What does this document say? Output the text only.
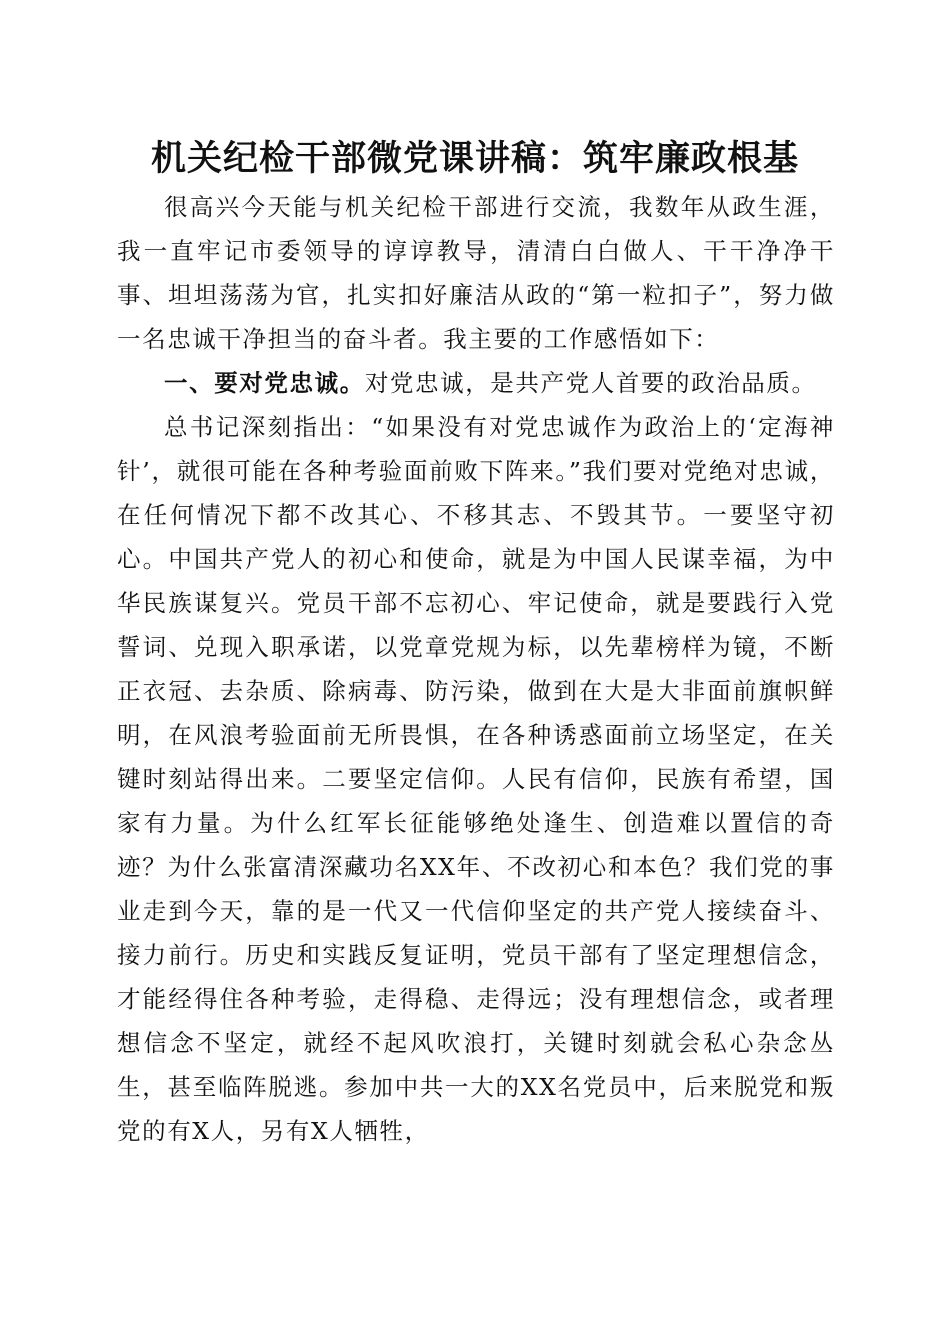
机关纪检干部微党课讲稿：筑牢廉政根基

很高兴今天能与机关纪检干部进行交流，我数年从政生涯，我一直牢记市委领导的谆谆教导，清清白白做人、干干净净干事、坦坦荡荡为官，扎实扣好廉洁从政的“第一粒扣子”，努力做一名忠诚干净担当的奋斗者。我主要的工作感悟如下：

一、要对党忠诚。对党忠诚，是共产党人首要的政治品质。

总书记深刻指出：“如果没有对党忠诚作为政治上的‘定海神针’，就很可能在各种考验面前败下阵来。”我们要对党绝对忠诚，在任何情况下都不改其心、不移其志、不毁其节。一要坚守初心。中国共产党人的初心和使命，就是为中国人民谋幸福，为中华民族谋复兴。党员干部不忘初心、牢记使命，就是要践行入党誓词、兑现入职承诺，以党章党规为标，以先辈榜样为镜，不断正衣冠、去杂质、除病毒、防污染，做到在大是大非面前旗帜鲜明，在风浪考验面前无所畏惧，在各种诱惑面前立场坚定，在关键时刻站得出来。二要坚定信仰。人民有信仰，民族有希望，国家有力量。为什么红军长征能够绝处逢生、创造难以置信的奇迹？为什么张富清深藏功名XX年、不改初心和本色？我们党的事业走到今天，靠的是一代又一代信仰坚定的共产党人接续奋斗、接力前行。历史和实践反复证明，党员干部有了坚定理想信念，才能经得住各种考验，走得稳、走得远；没有理想信念，或者理想信念不坚定，就经不起风吹浪打，关键时刻就会私心杂念丛生，甚至临阵脱逃。参加中共一大的XX名党员中，后来脱党和叛党的有X人，另有X人牺牲，
